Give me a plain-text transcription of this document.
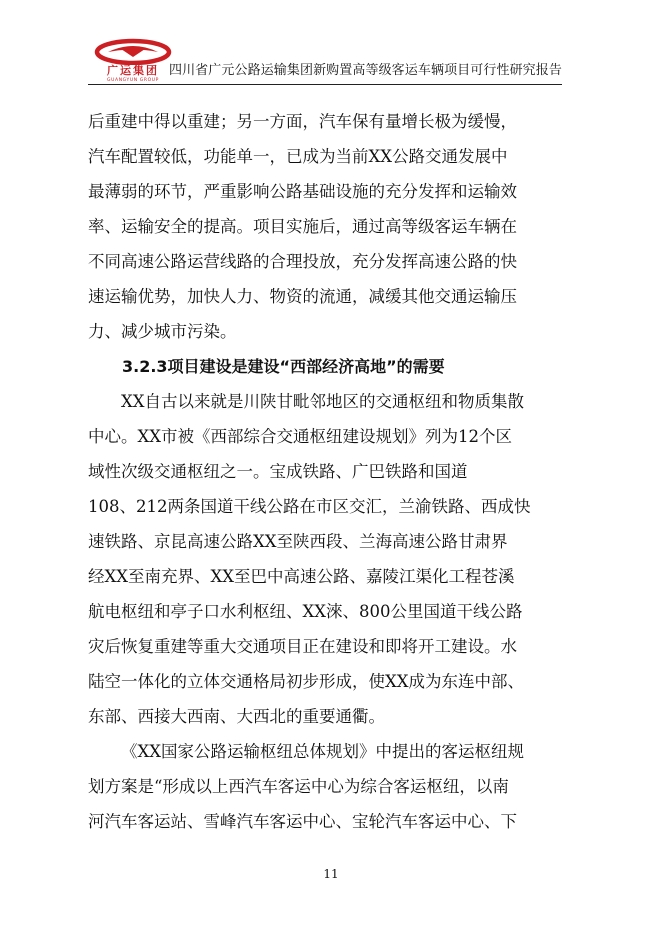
广运集团
GUANGYUN GROUP
四川省广元公路运输集团新购置高等级客运车辆项目可行性研究报告
后重建中得以重建；另一方面，汽车保有量增长极为缓慢，
汽车配置较低，功能单一，已成为当前XX公路交通发展中
最薄弱的环节，严重影响公路基础设施的充分发挥和运输效
率、运输安全的提高。项目实施后，通过高等级客运车辆在
不同高速公路运营线路的合理投放，充分发挥高速公路的快
速运输优势，加快人力、物资的流通，减缓其他交通运输压
力、减少城市污染。
3.2.3项目建设是建设“西部经济高地”的需要
XX自古以来就是川陕甘毗邻地区的交通枢纽和物质集散
中心。XX市被《西部综合交通枢纽建设规划》列为12个区
域性次级交通枢纽之一。宝成铁路、广巴铁路和国道
108、212两条国道干线公路在市区交汇，兰渝铁路、西成快
速铁路、京昆高速公路XX至陕西段、兰海高速公路甘肃界
经XX至南充界、XX至巴中高速公路、嘉陵江渠化工程苍溪
航电枢纽和亭子口水利枢纽、XX淶、800公里国道干线公路
灾后恢复重建等重大交通项目正在建设和即将开工建设。水
陆空一体化的立体交通格局初步形成，使XX成为东连中部、
东部、西接大西南、大西北的重要通衢。
《XX国家公路运输枢纽总体规划》中提出的客运枢纽规
划方案是“形成以上西汽车客运中心为综合客运枢纽，以南
河汽车客运站、雪峰汽车客运中心、宝轮汽车客运中心、下
11
